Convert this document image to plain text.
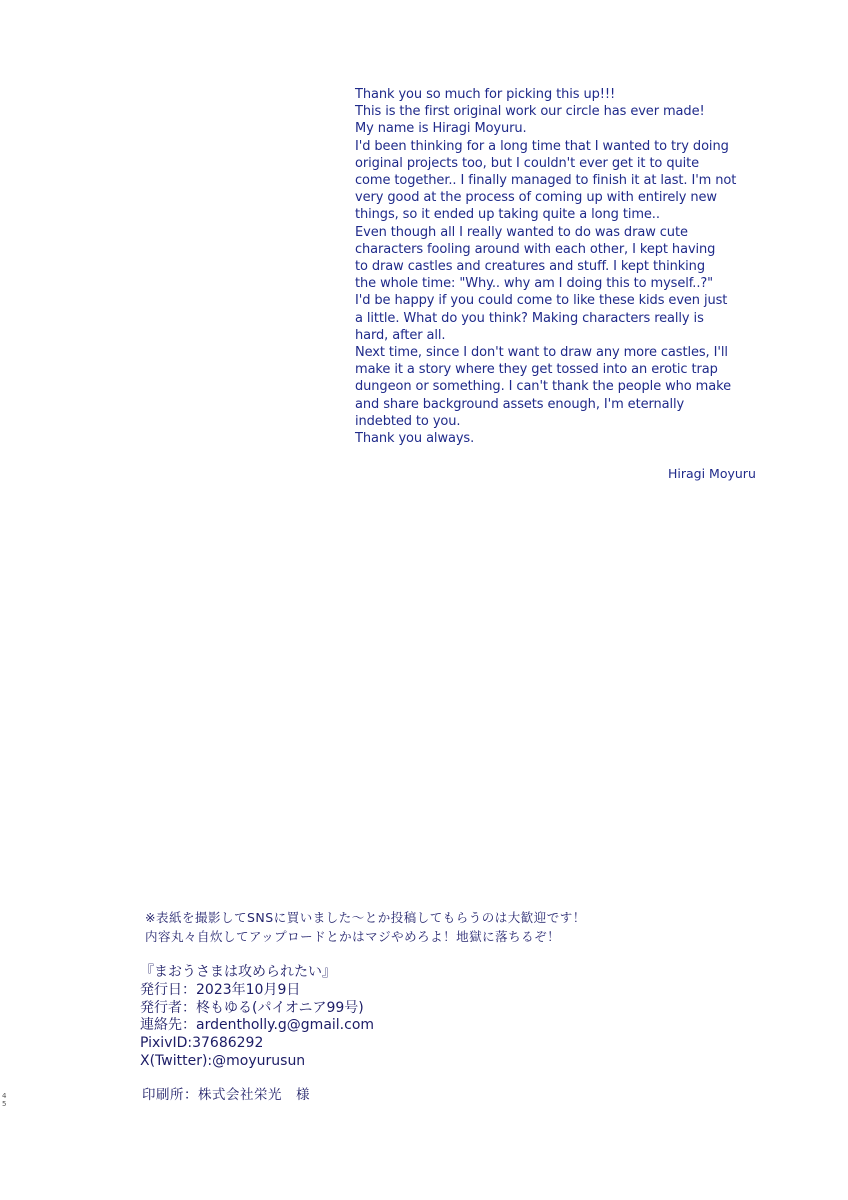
Thank you so much for picking this up!!!
This is the first original work our circle has ever made!
My name is Hiragi Moyuru.
I'd been thinking for a long time that I wanted to try doing
original projects too, but I couldn't ever get it to quite
come together.. I finally managed to finish it at last. I'm not
very good at the process of coming up with entirely new
things, so it ended up taking quite a long time..
Even though all I really wanted to do was draw cute
characters fooling around with each other, I kept having
to draw castles and creatures and stuff. I kept thinking
the whole time: "Why.. why am I doing this to myself..?"
I'd be happy if you could come to like these kids even just
a little. What do you think? Making characters really is
hard, after all.
Next time, since I don't want to draw any more castles, I'll
make it a story where they get tossed into an erotic trap
dungeon or something. I can't thank the people who make
and share background assets enough, I'm eternally
indebted to you.
Thank you always.
Hiragi Moyuru
※表紙を撮影してSNSに買いました〜とか投稿してもらうのは大歓迎です！
内容丸々自炊してアップロードとかはマジやめろよ！地獄に落ちるぞ！
『まおうさまは攻められたい』
発行日：2023年10月9日
発行者：柊もゆる(パイオニア99号)
連絡先：ardentholly.g@gmail.com
PixivID:37686292
X(Twitter):@moyurusun
印刷所：株式会社栄光 様
4
5
